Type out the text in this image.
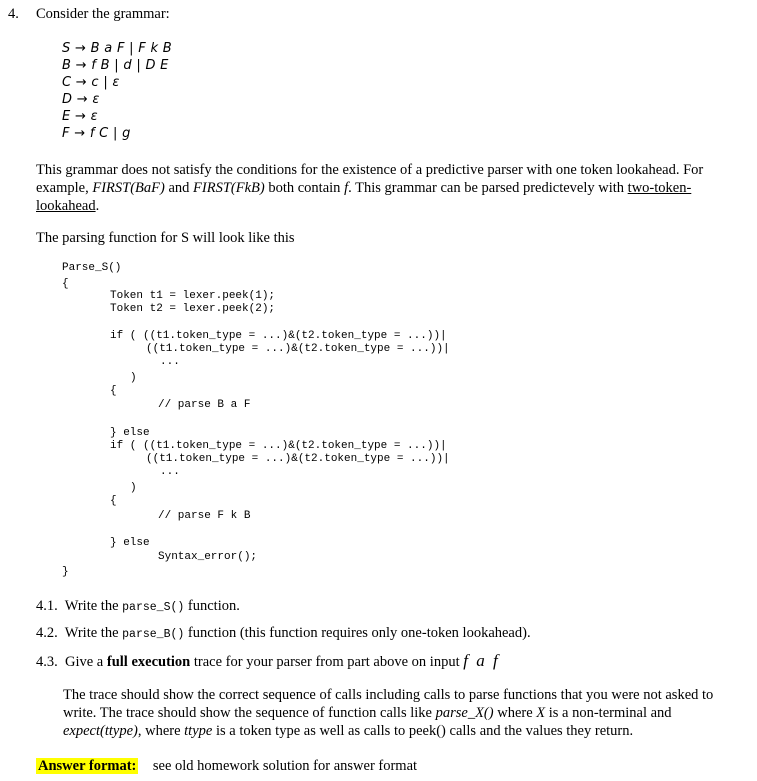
4. Consider the grammar:
S → B a F | F k B
B → f B | d | D E
C → c | ε
D → ε
E → ε
F → f C | g
This grammar does not satisfy the conditions for the existence of a predictive parser with one token lookahead. For example, FIRST(BaF) and FIRST(FkB) both contain f. This grammar can be parsed predictevely with two-token-lookahead.
The parsing function for S will look like this
Parse_S()
{
Token t1 = lexer.peek(1);
Token t2 = lexer.peek(2);
if ( ((t1.token_type = ...)&(t2.token_type = ...))|
((t1.token_type = ...)&(t2.token_type = ...))|
...
)
{
// parse B a F
} else
if ( ((t1.token_type = ...)&(t2.token_type = ...))|
((t1.token_type = ...)&(t2.token_type = ...))|
...
)
{
// parse F k B
} else
Syntax_error();
}
4.1. Write the parse_S() function.
4.2. Write the parse_B() function (this function requires only one-token lookahead).
4.3. Give a full execution trace for your parser from part above on input f a f
The trace should show the correct sequence of calls including calls to parse functions that you were not asked to write. The trace should show the sequence of function calls like parse_X() where X is a non-terminal and expect(ttype), where ttype is a token type as well as calls to peek() calls and the values they return.
Answer format: see old homework solution for answer format
